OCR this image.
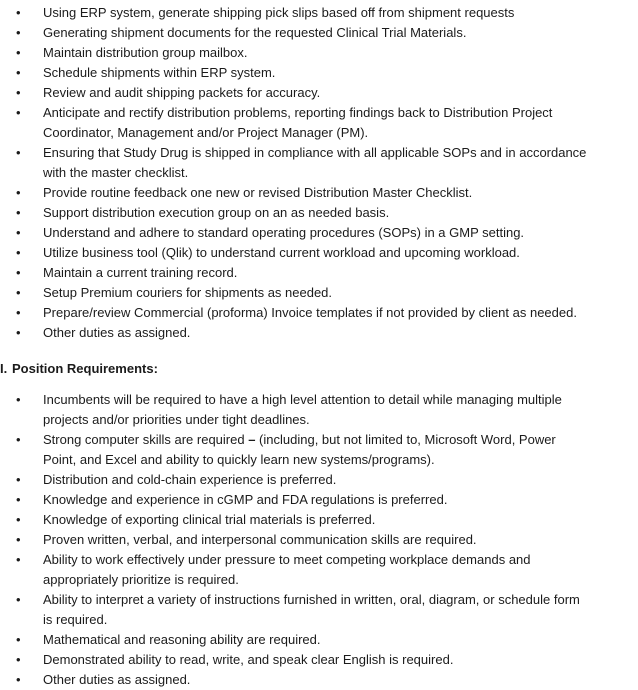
•	Using ERP system, generate shipping pick slips based off from shipment requests
•	Generating shipment documents for the requested Clinical Trial Materials.
•	Maintain distribution group mailbox.
•	Schedule shipments within ERP system.
•	Review and audit shipping packets for accuracy.
•	Anticipate and rectify distribution problems, reporting findings back to Distribution Project
Coordinator, Management and/or Project Manager (PM).
•	Ensuring that Study Drug is shipped in compliance with all applicable SOPs and in accordance
with the master checklist.
•	Provide routine feedback one new or revised Distribution Master Checklist.
•	Support distribution execution group on an as needed basis.
•	Understand and adhere to standard operating procedures (SOPs) in a GMP setting.
•	Utilize business tool (Qlik) to understand current workload and upcoming workload.
•	Maintain a current training record.
•	Setup Premium couriers for shipments as needed.
•	Prepare/review Commercial (proforma) Invoice templates if not provided by client as needed.
•	Other duties as assigned.
I. Position Requirements:
•	Incumbents will be required to have a high level attention to detail while managing multiple
projects and/or priorities under tight deadlines.
•	Strong computer skills are required – (including, but not limited to, Microsoft Word, Power
Point, and Excel and ability to quickly learn new systems/programs).
•	Distribution and cold-chain experience is preferred.
•	Knowledge and experience in cGMP and FDA regulations is preferred.
•	Knowledge of exporting clinical trial materials is preferred.
•	Proven written, verbal, and interpersonal communication skills are required.
•	Ability to work effectively under pressure to meet competing workplace demands and
appropriately prioritize is required.
•	Ability to interpret a variety of instructions furnished in written, oral, diagram, or schedule form
is required.
•	Mathematical and reasoning ability are required.
•	Demonstrated ability to read, write, and speak clear English is required.
•	Other duties as assigned.
